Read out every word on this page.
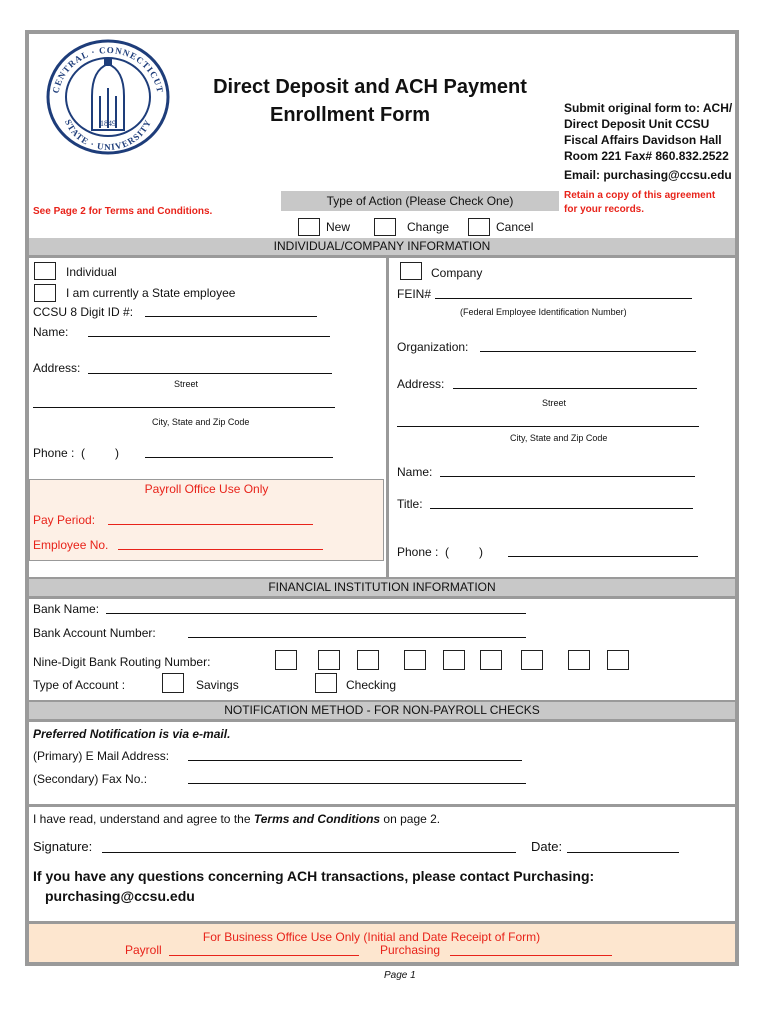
CENTRAL · CONNECTICUT
STATE · UNIVERSITY
1849
Direct Deposit and ACH Payment
Enrollment Form	Submit original form to: ACH/
Direct Deposit Unit CCSU
Fiscal Affairs Davidson Hall
Room 221 Fax# 860.832.2522
Email: purchasing@ccsu.edu
Retain a copy of this agreement
for your records.
See Page 2 for Terms and Conditions.
Type of Action (Please Check One)
New	Change	Cancel
INDIVIDUAL/COMPANY INFORMATION
Individual
I am currently a State employee
CCSU 8 Digit ID #:
Name:
Address:
Street
City, State and Zip Code
Phone :  (         )
Payroll Office Use Only
Pay Period:
Employee No.
Company
FEIN#
(Federal Employee Identification Number)
Organization:
Address:
Street
City, State and Zip Code
Name:
Title:
Phone :  (         )
FINANCIAL INSTITUTION INFORMATION
Bank Name:
Bank Account Number:
Nine-Digit Bank Routing Number:
Type of Account :	Savings	Checking
NOTIFICATION METHOD - FOR NON-PAYROLL CHECKS
Preferred Notification is via e-mail.
(Primary) E Mail Address:
(Secondary) Fax No.:
I have read, understand and agree to the Terms and Conditions on page 2.
Signature:	Date:
If you have any questions concerning ACH transactions, please contact Purchasing:
purchasing@ccsu.edu
For Business Office Use Only (Initial and Date Receipt of Form)
Payroll	Purchasing
Page 1
